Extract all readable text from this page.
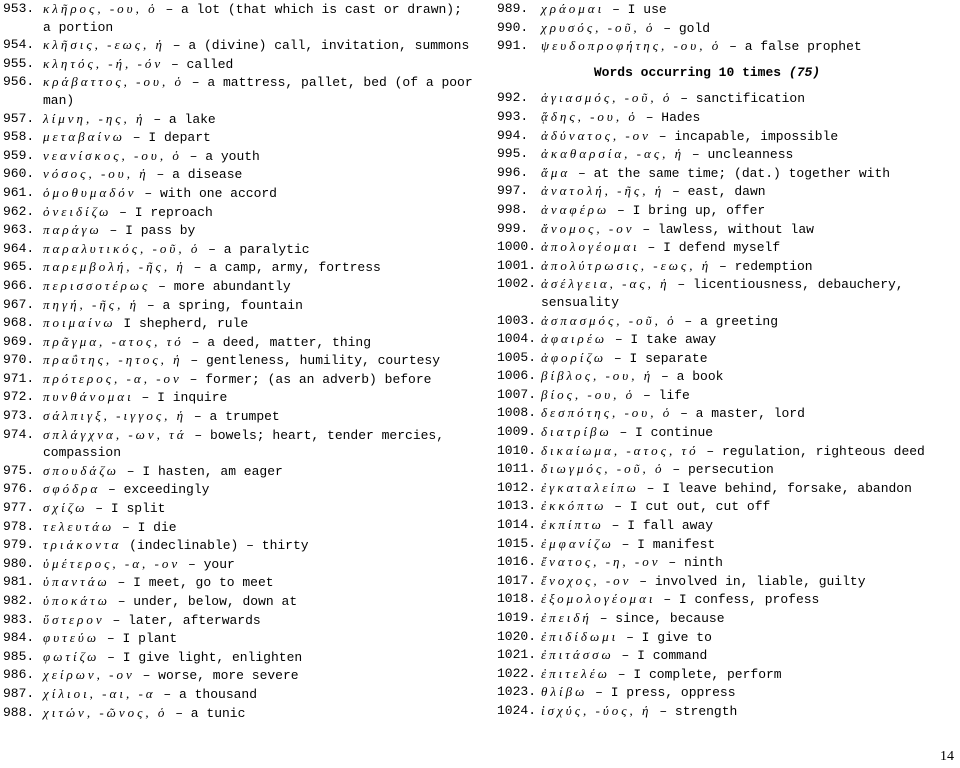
953. κλῆρος, -ου, ὁ – a lot (that which is cast or drawn); a portion
954. κλῆσις, -εως, ἡ – a (divine) call, invitation, summons
955. κλητός, -ή, -όν – called
956. κράβαττος, -ου, ὁ – a mattress, pallet, bed (of a poor man)
957. λίμνη, -ης, ἡ – a lake
958. μεταβαίνω – I depart
959. νεανίσκος, -ου, ὁ – a youth
960. νόσος, -ου, ἡ – a disease
961. ὁμοθυμαδόν – with one accord
962. ὀνειδίζω – I reproach
963. παράγω – I pass by
964. παραλυτικός, -οῦ, ὁ – a paralytic
965. παρεμβολή, -ῆς, ἡ – a camp, army, fortress
966. περισσοτέρως – more abundantly
967. πηγή, -ῆς, ἡ – a spring, fountain
968. ποιμαίνω I shepherd, rule
969. πρᾶγμα, -ατος, τό – a deed, matter, thing
970. πραΰτης, -ητος, ἡ – gentleness, humility, courtesy
971. πρότερος, -α, -ον – former; (as an adverb) before
972. πυνθάνομαι – I inquire
973. σάλπιγξ, -ιγγος, ἡ – a trumpet
974. σπλάγχνα, -ων, τά – bowels; heart, tender mercies, compassion
975. σπουδάζω – I hasten, am eager
976. σφόδρα – exceedingly
977. σχίζω – I split
978. τελευτάω – I die
979. τριάκοντα (indeclinable) – thirty
980. ὑμέτερος, -α, -ον – your
981. ὑπαντάω – I meet, go to meet
982. ὑποκάτω – under, below, down at
983. ὕστερον – later, afterwards
984. φυτεύω – I plant
985. φωτίζω – I give light, enlighten
986. χείρων, -ον – worse, more severe
987. χίλιοι, -αι, -α – a thousand
988. χιτών, -ῶνος, ὁ – a tunic
989. χράομαι – I use
990. χρυσός, -οῦ, ὁ – gold
991. ψευδοπροφήτης, -ου, ὁ – a false prophet
Words occurring 10 times (75)
992. ἁγιασμός, -οῦ, ὁ – sanctification
993. ᾅδης, -ου, ὁ – Hades
994. ἀδύνατος, -ον – incapable, impossible
995. ἀκαθαρσία, -ας, ἡ – uncleanness
996. ἅμα – at the same time; (dat.) together with
997. ἀνατολή, -ῆς, ἡ – east, dawn
998. ἀναφέρω – I bring up, offer
999. ἄνομος, -ον – lawless, without law
1000. ἀπολογέομαι – I defend myself
1001. ἀπολύτρωσις, -εως, ἡ – redemption
1002. ἀσέλγεια, -ας, ἡ – licentiousness, debauchery, sensuality
1003. ἀσπασμός, -οῦ, ὁ – a greeting
1004. ἀφαιρέω – I take away
1005. ἀφορίζω – I separate
1006. βίβλος, -ου, ἡ – a book
1007. βίος, -ου, ὁ – life
1008. δεσπότης, -ου, ὁ – a master, lord
1009. διατρίβω – I continue
1010. δικαίωμα, -ατος, τό – regulation, righteous deed
1011. διωγμός, -οῦ, ὁ – persecution
1012. ἐγκαταλείπω – I leave behind, forsake, abandon
1013. ἐκκόπτω – I cut out, cut off
1014. ἐκπίπτω – I fall away
1015. ἐμφανίζω – I manifest
1016. ἔνατος, -η, -ον – ninth
1017. ἔνοχος, -ον – involved in, liable, guilty
1018. ἐξομολογέομαι – I confess, profess
1019. ἐπειδή – since, because
1020. ἐπιδίδωμι – I give to
1021. ἐπιτάσσω – I command
1022. ἐπιτελέω – I complete, perform
1023. θλίβω – I press, oppress
1024. ἰσχύς, -ύος, ἡ – strength
14
